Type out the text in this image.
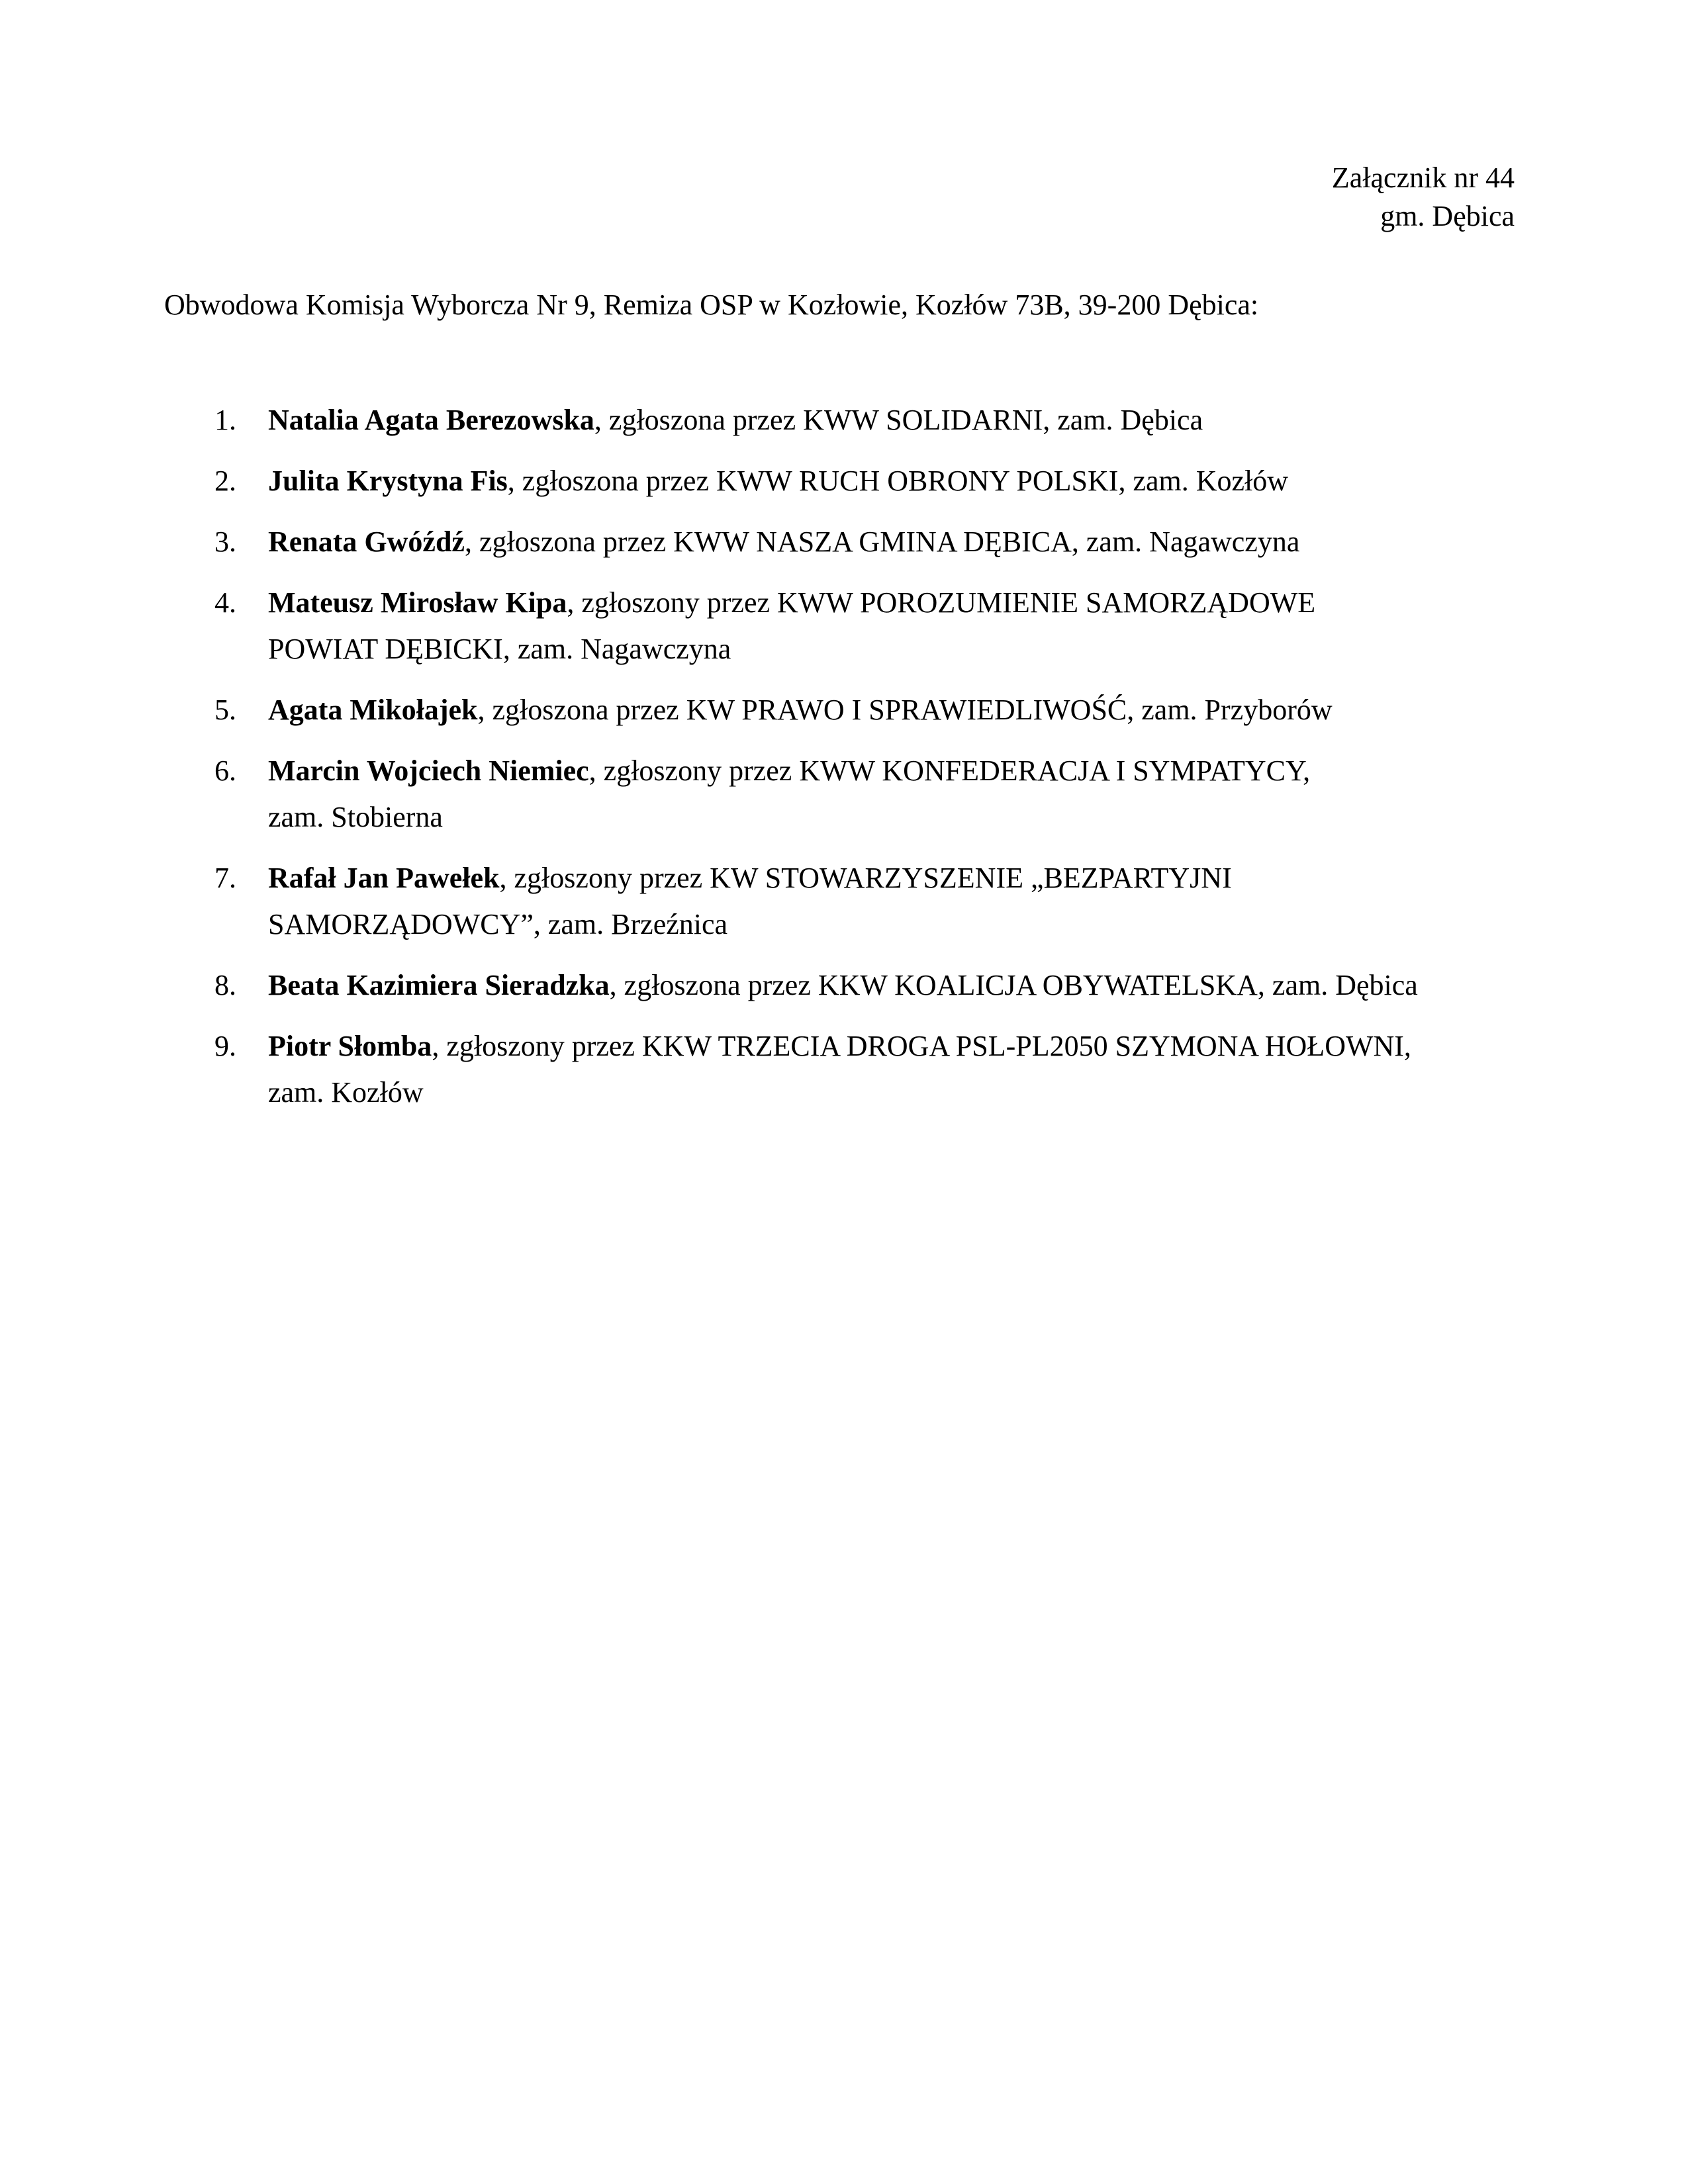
Załącznik nr 44
gm. Dębica
Obwodowa Komisja Wyborcza Nr 9, Remiza OSP w Kozłowie, Kozłów 73B, 39-200 Dębica:
1. Natalia Agata Berezowska, zgłoszona przez KWW SOLIDARNI, zam. Dębica
2. Julita Krystyna Fis, zgłoszona przez KWW RUCH OBRONY POLSKI, zam. Kozłów
3. Renata Gwóźdź, zgłoszona przez KWW NASZA GMINA DĘBICA, zam. Nagawczyna
4. Mateusz Mirosław Kipa, zgłoszony przez KWW POROZUMIENIE SAMORZĄDOWE
POWIAT DĘBICKI, zam. Nagawczyna
5. Agata Mikołajek, zgłoszona przez KW PRAWO I SPRAWIEDLIWOŚĆ, zam. Przyborów
6. Marcin Wojciech Niemiec, zgłoszony przez KWW KONFEDERACJA I SYMPATYCY,
zam. Stobierna
7. Rafał Jan Pawełek, zgłoszony przez KW STOWARZYSZENIE „BEZPARTYJNI
SAMORZĄDOWCY”, zam. Brzeźnica
8. Beata Kazimiera Sieradzka, zgłoszona przez KKW KOALICJA OBYWATELSKA, zam. Dębica
9. Piotr Słomba, zgłoszony przez KKW TRZECIA DROGA PSL-PL2050 SZYMONA HOŁOWNI,
zam. Kozłów
